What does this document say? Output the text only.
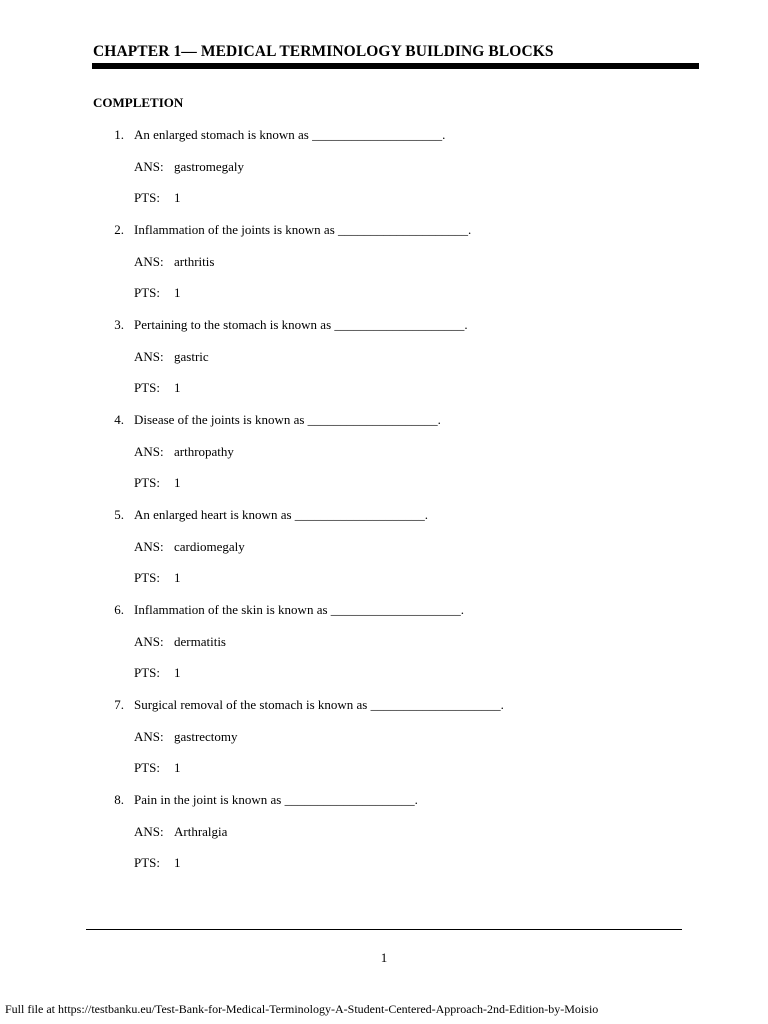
CHAPTER 1— MEDICAL TERMINOLOGY BUILDING BLOCKS
COMPLETION
1. An enlarged stomach is known as ____________________.
ANS: gastromegaly
PTS: 1
2. Inflammation of the joints is known as ____________________.
ANS: arthritis
PTS: 1
3. Pertaining to the stomach is known as ____________________.
ANS: gastric
PTS: 1
4. Disease of the joints is known as ____________________.
ANS: arthropathy
PTS: 1
5. An enlarged heart is known as ____________________.
ANS: cardiomegaly
PTS: 1
6. Inflammation of the skin is known as ____________________.
ANS: dermatitis
PTS: 1
7. Surgical removal of the stomach is known as ____________________.
ANS: gastrectomy
PTS: 1
8. Pain in the joint is known as ____________________.
ANS: Arthralgia
PTS: 1
1
Full file at https://testbanku.eu/Test-Bank-for-Medical-Terminology-A-Student-Centered-Approach-2nd-Edition-by-Moisio
